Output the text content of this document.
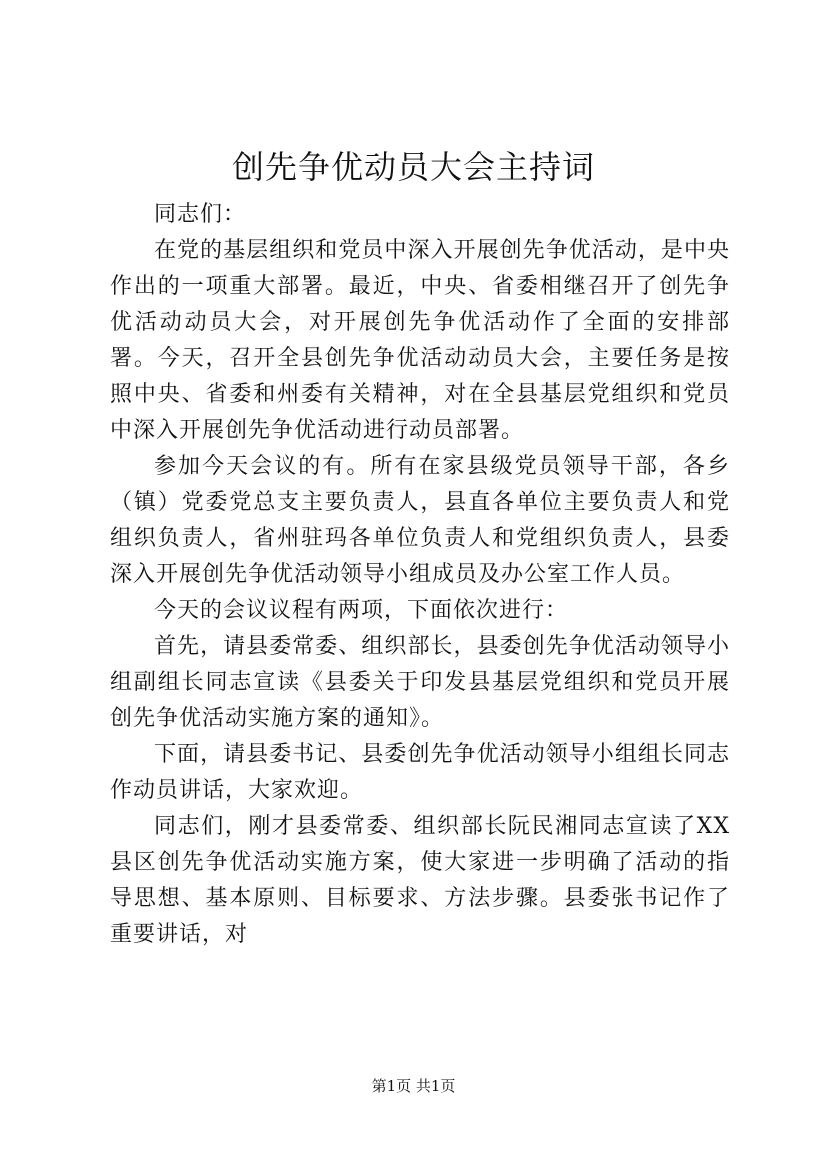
创先争优动员大会主持词

同志们：

在党的基层组织和党员中深入开展创先争优活动，是中央作出的一项重大部署。最近，中央、省委相继召开了创先争优活动动员大会，对开展创先争优活动作了全面的安排部署。今天，召开全县创先争优活动动员大会，主要任务是按照中央、省委和州委有关精神，对在全县基层党组织和党员中深入开展创先争优活动进行动员部署。

参加今天会议的有。所有在家县级党员领导干部，各乡（镇）党委党总支主要负责人，县直各单位主要负责人和党组织负责人，省州驻玛各单位负责人和党组织负责人，县委深入开展创先争优活动领导小组成员及办公室工作人员。

今天的会议议程有两项，下面依次进行：

首先，请县委常委、组织部长，县委创先争优活动领导小组副组长同志宣读《县委关于印发县基层党组织和党员开展创先争优活动实施方案的通知》。

下面，请县委书记、县委创先争优活动领导小组组长同志作动员讲话，大家欢迎。

同志们，刚才县委常委、组织部长阮民湘同志宣读了XX县区创先争优活动实施方案，使大家进一步明确了活动的指导思想、基本原则、目标要求、方法步骤。县委张书记作了重要讲话，对

第1页 共1页
